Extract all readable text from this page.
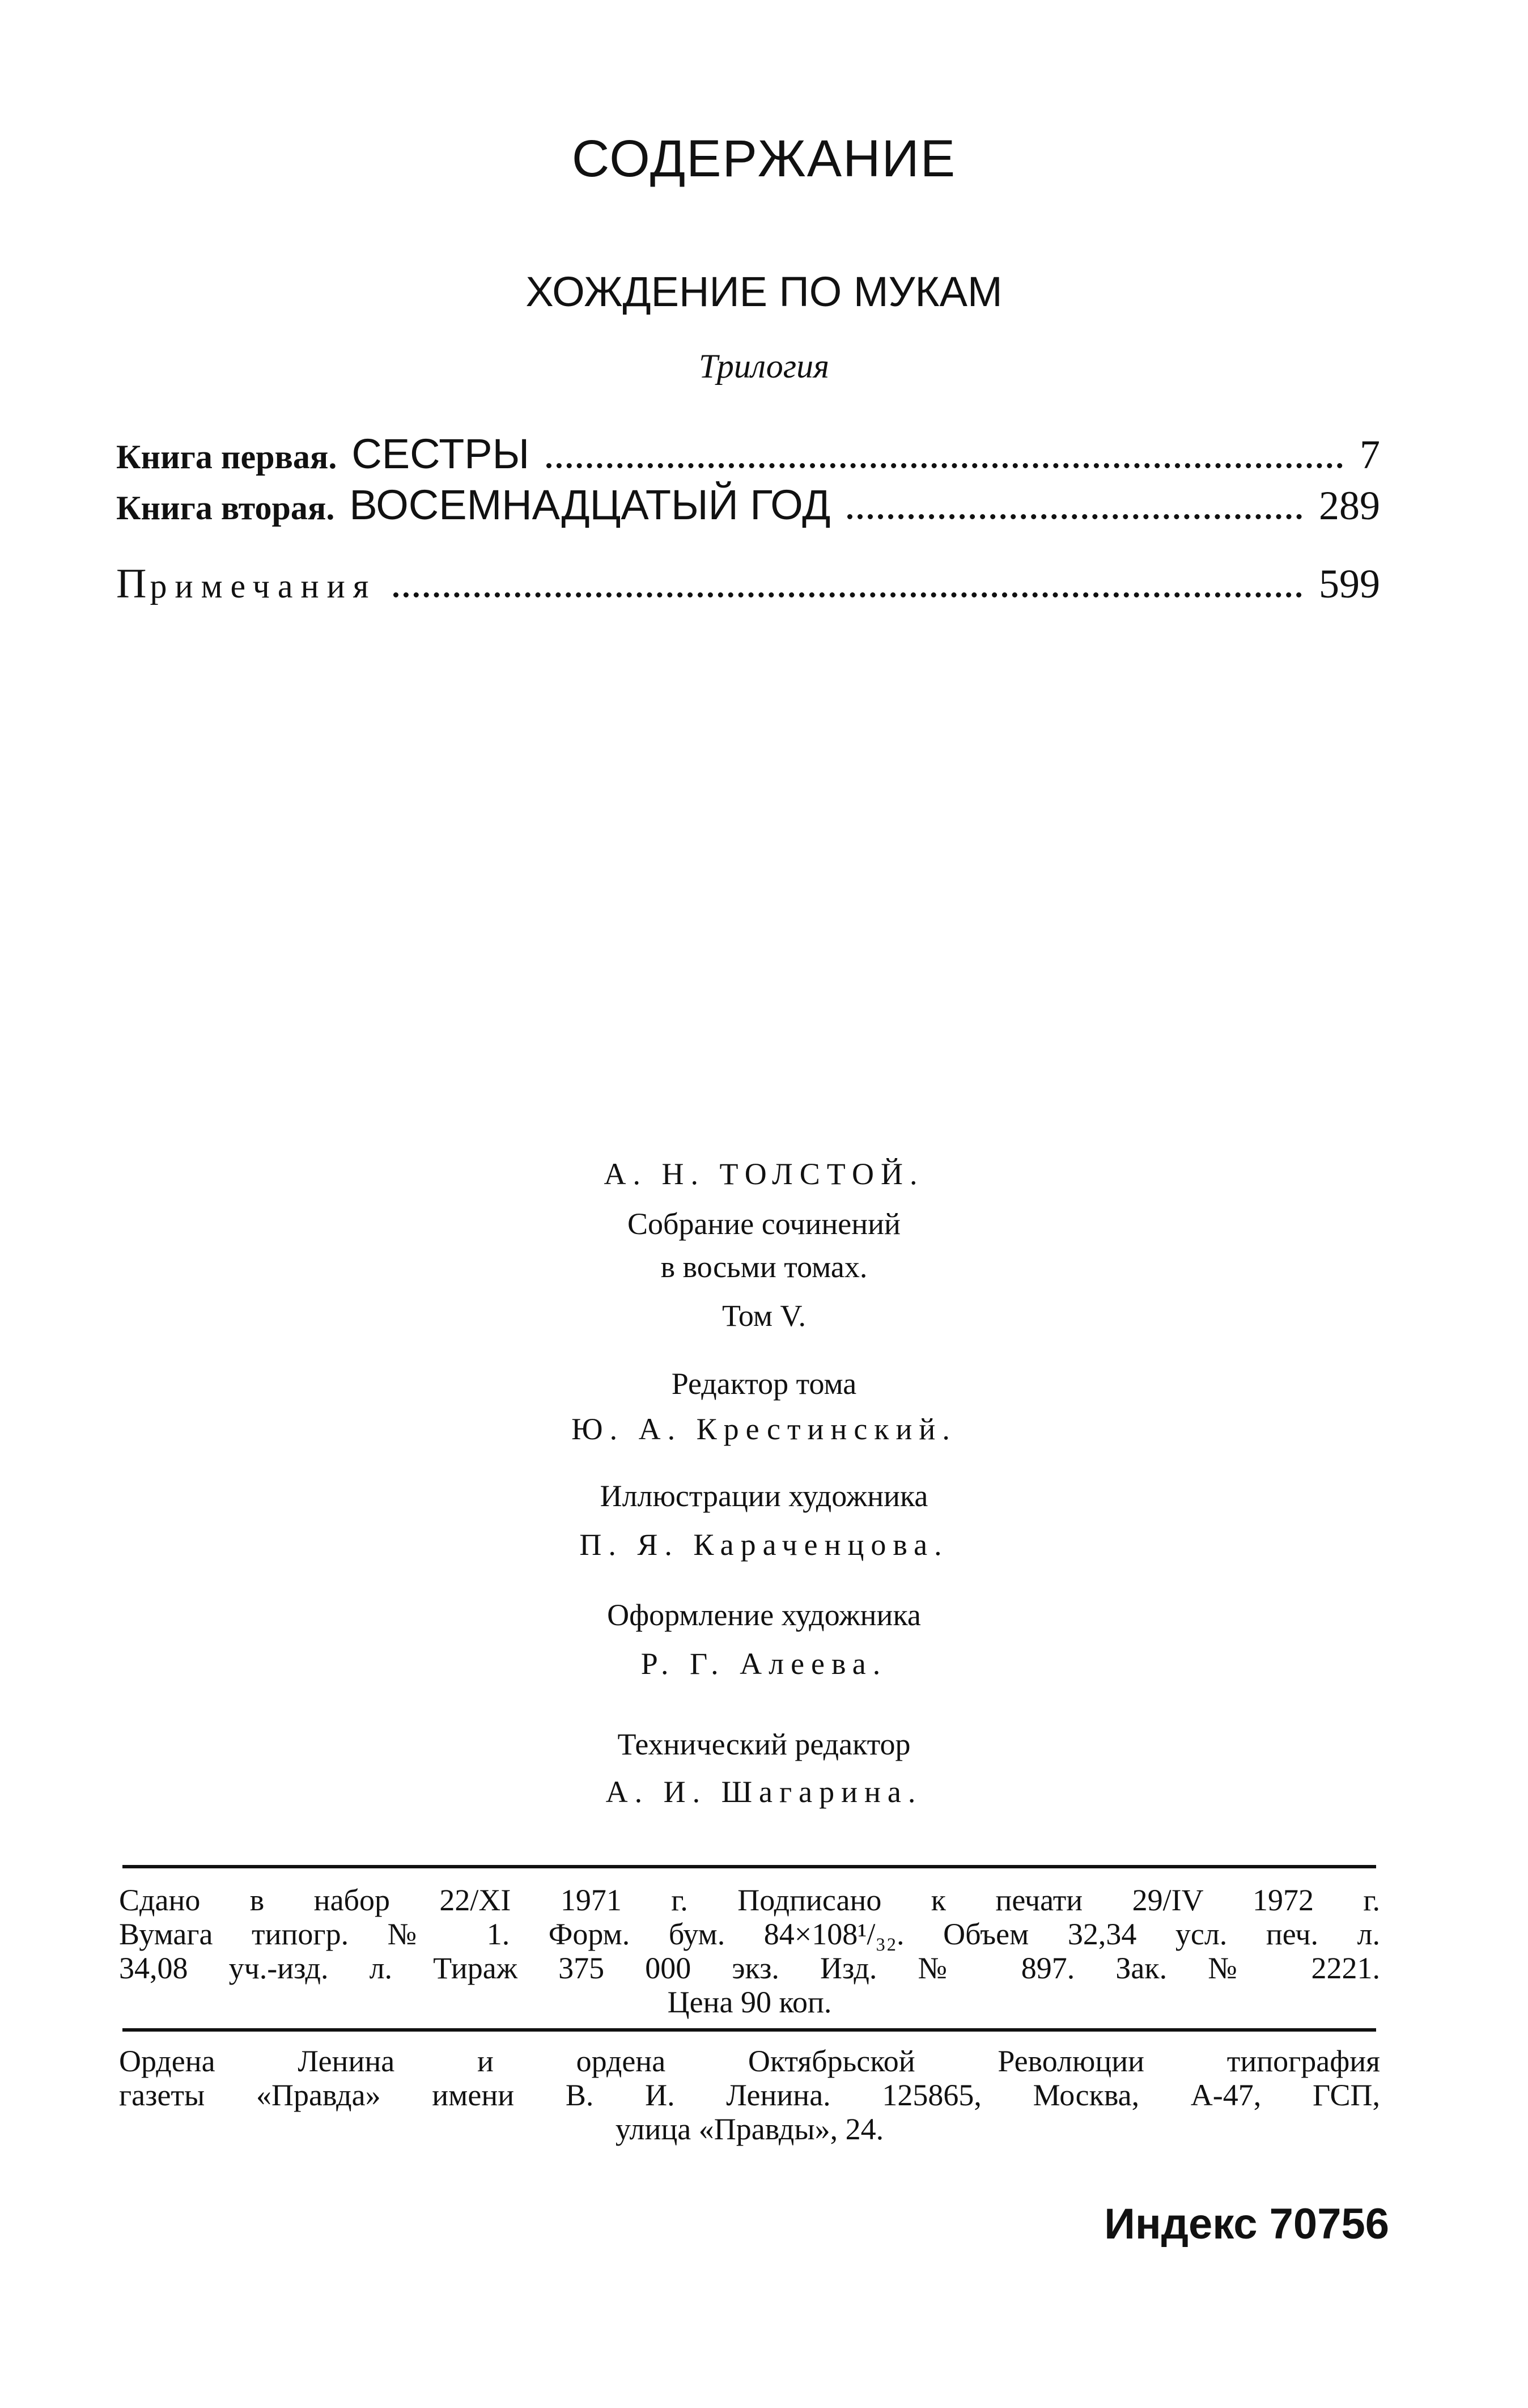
СОДЕРЖАНИЕ
ХОЖДЕНИЕ ПО МУКАМ
Трилогия
Книга первая. СЕСТРЫ	7
Книга вторая. ВОСЕМНАДЦАТЫЙ ГОД	289
Примечания	599
А. Н. ТОЛСТОЙ.
Собрание сочинений
в восьми томах.
Том V.
Редактор тома
Ю. А. Крестинский.
Иллюстрации художника
П. Я. Караченцова.
Оформление художника
Р. Г. Алеева.
Технический редактор
А. И. Шагарина.
Сдано в набор 22/XI 1971 г. Подписано к печати 29/IV 1972 г.
Вумага типогр. № 1. Форм. бум. 84×108¹/₃₂. Объем 32,34 усл. печ. л.
34,08 уч.-изд. л. Тираж 375 000 экз. Изд. № 897. Зак. № 2221.
Цена 90 коп.
Ордена Ленина и ордена Октябрьской Революции типография
газеты «Правда» имени В. И. Ленина. 125865, Москва, А-47, ГСП,
улица «Правды», 24.
Индекс 70756
